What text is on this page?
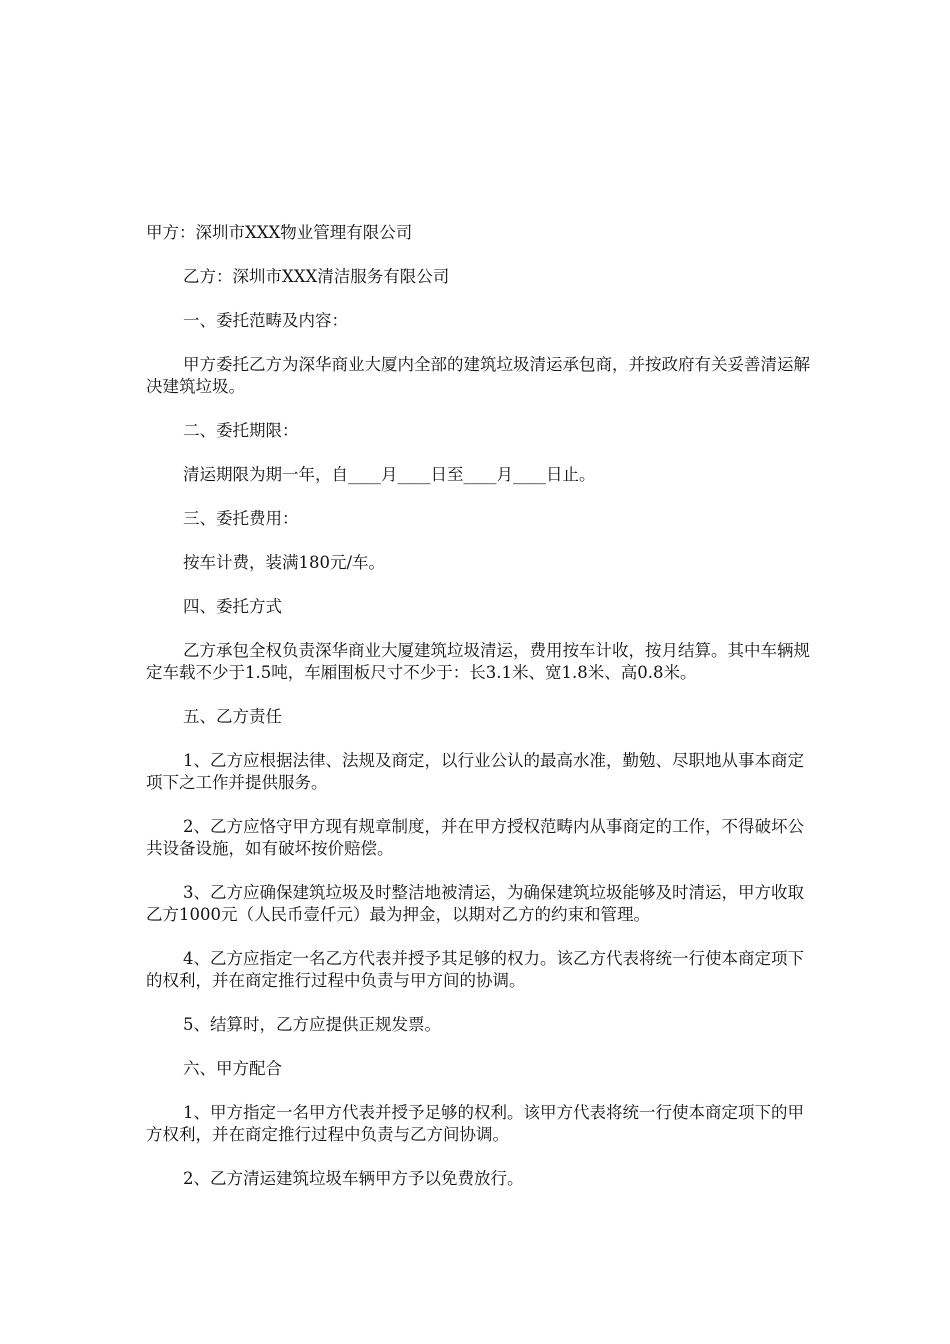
甲方：深圳市XXX物业管理有限公司

乙方：深圳市XXX清洁服务有限公司

一、委托范畴及内容：

甲方委托乙方为深华商业大厦内全部的建筑垃圾清运承包商，并按政府有关妥善清运解决建筑垃圾。

二、委托期限：

清运期限为期一年，自____月____日至____月____日止。

三、委托费用：

按车计费，装满180元/车。

四、委托方式

乙方承包全权负责深华商业大厦建筑垃圾清运，费用按车计收，按月结算。其中车辆规定车载不少于1.5吨，车厢围板尺寸不少于：长3.1米、宽1.8米、高0.8米。

五、乙方责任

1、乙方应根据法律、法规及商定，以行业公认的最高水准，勤勉、尽职地从事本商定项下之工作并提供服务。

2、乙方应恪守甲方现有规章制度，并在甲方授权范畴内从事商定的工作，不得破坏公共设备设施，如有破坏按价赔偿。

3、乙方应确保建筑垃圾及时整洁地被清运，为确保建筑垃圾能够及时清运，甲方收取乙方1000元（人民币壹仟元）最为押金，以期对乙方的约束和管理。

4、乙方应指定一名乙方代表并授予其足够的权力。该乙方代表将统一行使本商定项下的权利，并在商定推行过程中负责与甲方间的协调。

5、结算时，乙方应提供正规发票。

六、甲方配合

1、甲方指定一名甲方代表并授予足够的权利。该甲方代表将统一行使本商定项下的甲方权利，并在商定推行过程中负责与乙方间协调。

2、乙方清运建筑垃圾车辆甲方予以免费放行。
